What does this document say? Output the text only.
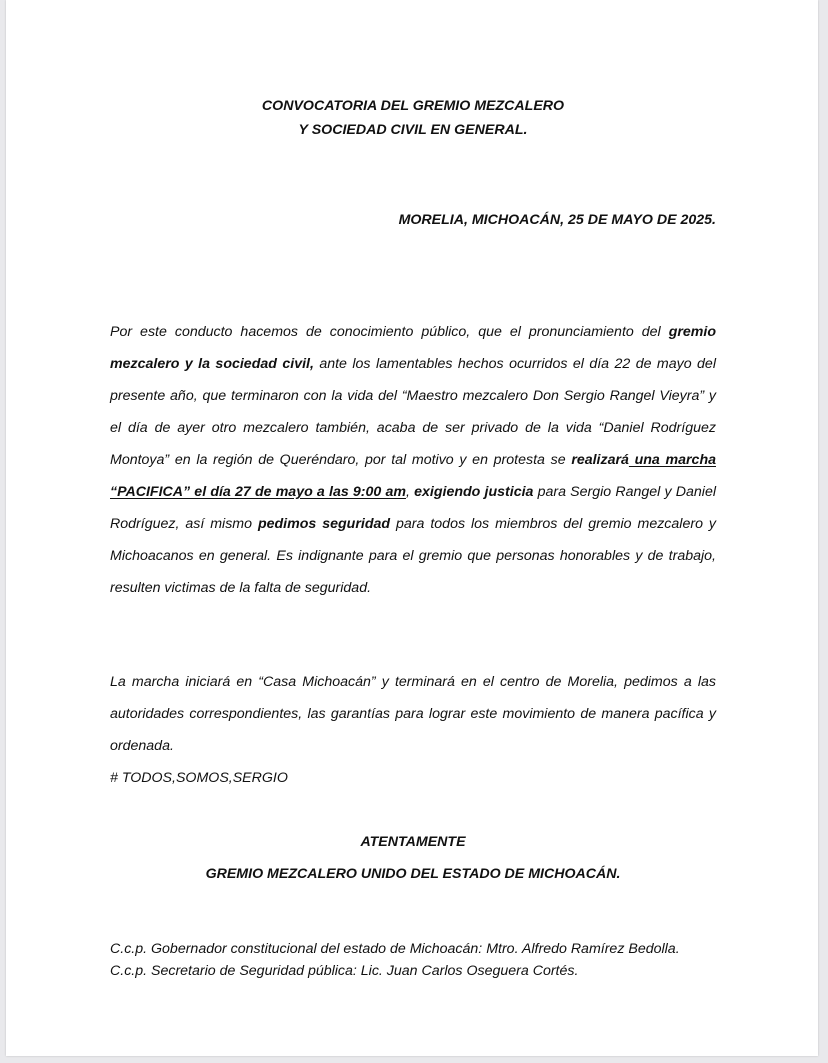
CONVOCATORIA DEL GREMIO MEZCALERO
Y SOCIEDAD CIVIL EN GENERAL.
MORELIA, MICHOACÁN, 25 DE MAYO DE 2025.
Por este conducto hacemos de conocimiento público, que el pronunciamiento del gremio mezcalero y la sociedad civil, ante los lamentables hechos ocurridos el día 22 de mayo del presente año, que terminaron con la vida del “Maestro mezcalero Don Sergio Rangel Vieyra” y el día de ayer otro mezcalero también, acaba de ser privado de la vida “Daniel Rodríguez Montoya” en la región de Queréndaro, por tal motivo y en protesta se realizará una marcha “PACIFICA” el día 27 de mayo a las 9:00 am, exigiendo justicia para Sergio Rangel y Daniel Rodríguez, así mismo pedimos seguridad para todos los miembros del gremio mezcalero y Michoacanos en general. Es indignante para el gremio que personas honorables y de trabajo, resulten victimas de la falta de seguridad.
La marcha iniciará en “Casa Michoacán” y terminará en el centro de Morelia, pedimos a las autoridades correspondientes, las garantías para lograr este movimiento de manera pacífica y ordenada.
# TODOS,SOMOS,SERGIO
ATENTAMENTE
GREMIO MEZCALERO UNIDO DEL ESTADO DE MICHOACÁN.
C.c.p. Gobernador constitucional del estado de Michoacán: Mtro. Alfredo Ramírez Bedolla.
C.c.p. Secretario de Seguridad pública: Lic. Juan Carlos Oseguera Cortés.
